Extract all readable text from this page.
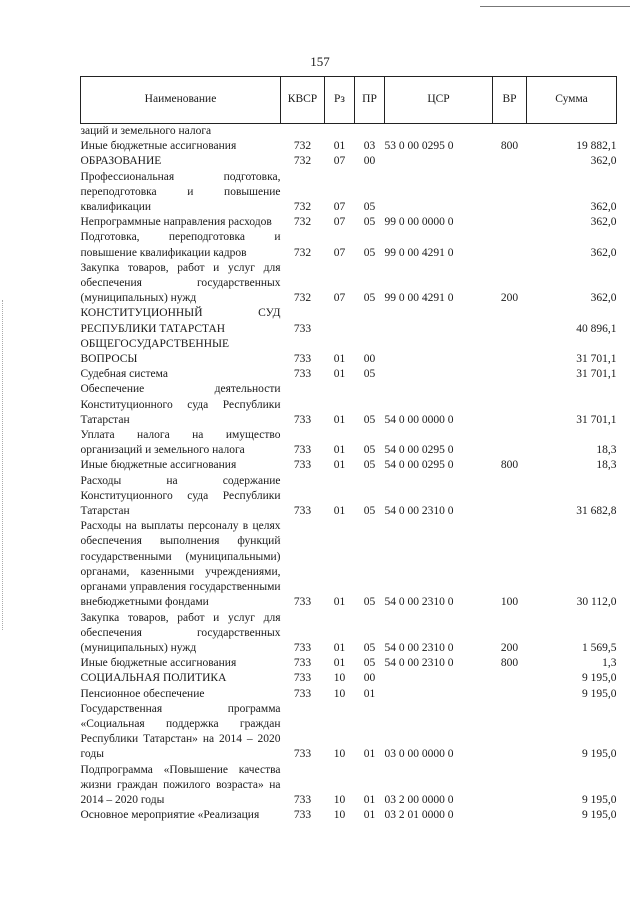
157
Наименование	КВСР	Рз	ПР	ЦСР	ВР	Сумма
заций и земельного налога						
Иные бюджетные ассигнования	732	01	03	53 0 00 0295 0	800	19 882,1
ОБРАЗОВАНИЕ	732	07	00			362,0
Профессиональная подготовка, переподготовка и повышение квалификации	732	07	05			362,0
Непрограммные направления расходов	732	07	05	99 0 00 0000 0		362,0
Подготовка, переподготовка и повышение квалификации кадров	732	07	05	99 0 00 4291 0		362,0
Закупка товаров, работ и услуг для обеспечения государственных (муниципальных) нужд	732	07	05	99 0 00 4291 0	200	362,0
КОНСТИТУЦИОННЫЙ СУД РЕСПУБЛИКИ ТАТАРСТАН	733					40 896,1
ОБЩЕГОСУДАРСТВЕННЫЕ ВОПРОСЫ	733	01	00			31 701,1
Судебная система	733	01	05			31 701,1
Обеспечение деятельности Конституционного суда Республики Татарстан	733	01	05	54 0 00 0000 0		31 701,1
Уплата налога на имущество организаций и земельного налога	733	01	05	54 0 00 0295 0		18,3
Иные бюджетные ассигнования	733	01	05	54 0 00 0295 0	800	18,3
Расходы на содержание Конституционного суда Республики Татарстан	733	01	05	54 0 00 2310 0		31 682,8
Расходы на выплаты персоналу в целях обеспечения выполнения функций государственными (муниципальными) органами, казенными учреждениями, органами управления государственными внебюджетными фондами	733	01	05	54 0 00 2310 0	100	30 112,0
Закупка товаров, работ и услуг для обеспечения государственных (муниципальных) нужд	733	01	05	54 0 00 2310 0	200	1 569,5
Иные бюджетные ассигнования	733	01	05	54 0 00 2310 0	800	1,3
СОЦИАЛЬНАЯ ПОЛИТИКА	733	10	00			9 195,0
Пенсионное обеспечение	733	10	01			9 195,0
Государственная программа «Социальная поддержка граждан Республики Татарстан» на 2014 – 2020 годы	733	10	01	03 0 00 0000 0		9 195,0
Подпрограмма «Повышение качества жизни граждан пожилого возраста» на 2014 – 2020 годы	733	10	01	03 2 00 0000 0		9 195,0
Основное мероприятие «Реализация	733	10	01	03 2 01 0000 0		9 195,0
